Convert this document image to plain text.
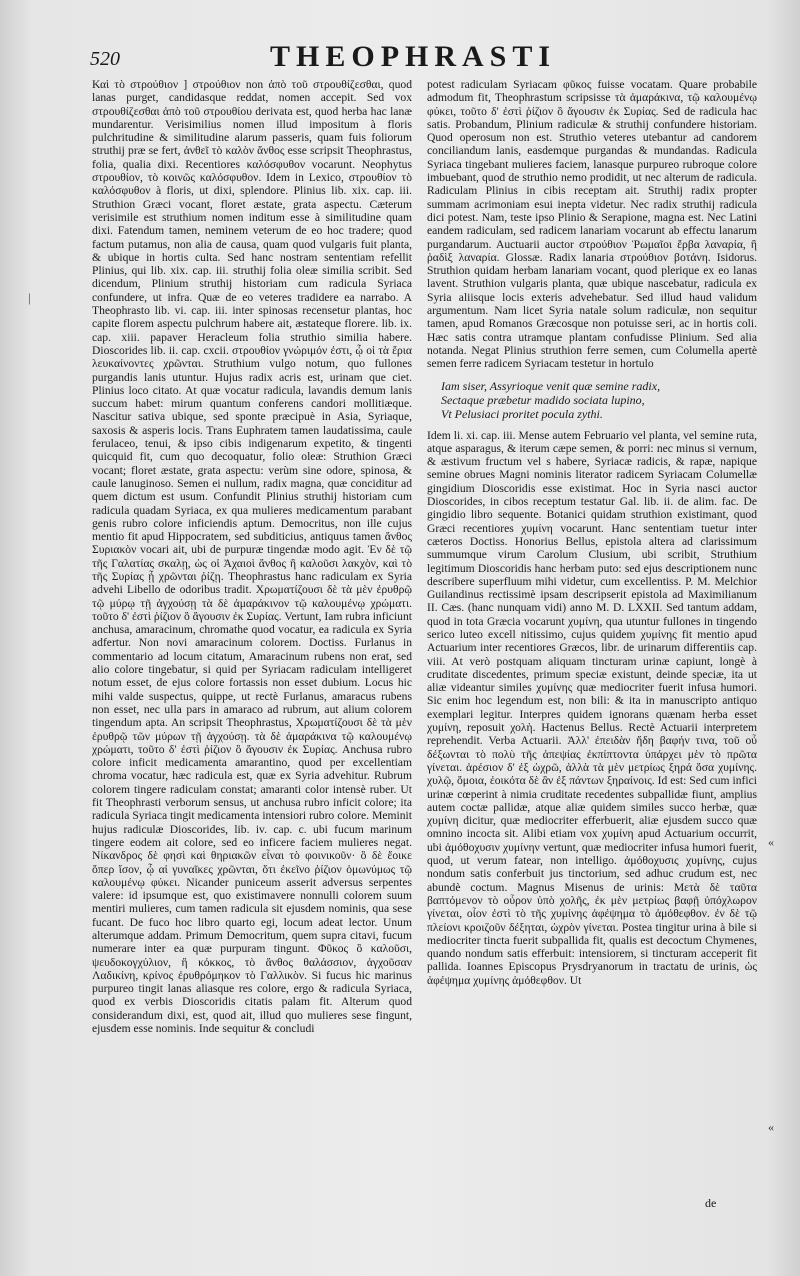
520	THEOPHRASTI
|

Καὶ τὸ στρούθιον ] στρούθιον non ἀπὸ τοῦ στρουθίζεσθαι, quod lanas purget, candidasque reddat, nomen accepit. Sed vox στρουθίζεσθαι ἀπὸ τοῦ στρουθίου derivata est, quod herba hac lanæ mundarentur. Verisimilius nomen illud impositum à floris pulchritudine & similitudine alarum passeris, quam fuis foliorum struthij præ se fert, ἀνθεῖ τὸ καλὸν ἄνθος esse scripsit Theophrastus, folia, qualia dixi. Recentiores καλόσφυθον vocarunt. Neophytus στρουθίον, τὸ κοινῶς καλόσφυθον. Idem in Lexico, στρουθίον τὸ καλόσφυθον à floris, ut dixi, splendore. Plinius lib. xix. cap. iii. Struthion Græci vocant, floret æstate, grata aspectu. Cæterum verisimile est struthium nomen inditum esse à similitudine quam dixi. Fatendum tamen, neminem veterum de eo hoc tradere; quod factum putamus, non alia de causa, quam quod vulgaris fuit planta, & ubique in hortis culta. Sed hanc nostram sententiam refellit Plinius, qui lib. xix. cap. iii. struthij folia oleæ similia scribit. Sed dicendum, Plinium struthij historiam cum radicula Syriaca confundere, ut infra. Quæ de eo veteres tradidere ea narrabo. A Theophrasto lib. vi. cap. iii. inter spinosas recensetur plantas, hoc capite florem aspectu pulchrum habere ait, æstateque florere. lib. ix. cap. xiii. papaver Heracleum folia struthio similia habere. Dioscorides lib. ii. cap. cxcii. στρουθίον γνώριμόν ἐστι, ᾧ οἱ τὰ ἔρια λευκαίνοντες χρῶνται. Struthium vulgo notum, quo fullones purgandis lanis utuntur. Hujus radix acris est, urinam que ciet. Plinius loco citato. At quæ vocatur radicula, lavandis demum lanis succum habet: mirum quantum conferens candori mollitiæque. Nascitur sativa ubique, sed sponte præcipuè in Asia, Syriaque, saxosis & asperis locis. Trans Euphratem tamen laudatissima, caule ferulaceo, tenui, & ipso cibis indigenarum expetito, & tingenti quicquid fit, cum quo decoquatur, folio oleæ: Struthion Græci vocant; floret æstate, grata aspectu: verùm sine odore, spinosa, & caule lanuginoso. Semen ei nullum, radix magna, quæ conciditur ad quem dictum est usum. Confundit Plinius struthij historiam cum radicula quadam Syriaca, ex qua mulieres medicamentum parabant genis rubro colore inficiendis aptum. Democritus, non ille cujus mentio fit apud Hippocratem, sed subditicius, antiquus tamen ἄνθος Συριακὸν vocari ait, ubi de purpuræ tingendæ modo agit. Ἐν δὲ τῷ τῆς Γαλατίας σκαλῃ, ὡς οἱ Ἀχαιοὶ ἄνθος ἢ καλοῦσι λακχὸν, καὶ τὸ τῆς Συρίας ᾗ χρῶνται ῥίζῃ. Theophrastus hanc radiculam ex Syria advehi Libello de odoribus tradit. Χρωματίζουσι δὲ τὰ μὲν ἐρυθρῷ τῷ μύρῳ τῇ ἀγχούσῃ τὰ δὲ ἀμαράκινον τῷ καλουμένῳ χρώματι. τοῦτο δ' ἐστὶ ῥίζιον ὃ ἄγουσιν ἐκ Συρίας. Vertunt, Iam rubra inficiunt anchusa, amaracinum, chromathe quod vocatur, ea radicula ex Syria adfertur. Non novi amaracinum colorem. Doctiss. Furlanus in commentario ad locum citatum, Amaracinum rubens non erat, sed alio colore tingebatur, si quid per Syriacam radiculam intelligeret notum esset, de ejus colore fortassis non esset dubium. Locus hic mihi valde suspectus, quippe, ut rectè Furlanus, amaracus rubens non esset, nec ulla pars in amaraco ad rubrum, aut alium colorem tingendum apta. An scripsit Theophrastus, Χρωματίζουσι δὲ τὰ μὲν ἐρυθρῷ τῶν μύρων τῇ ἀγχούσῃ. τὰ δὲ ἀμαράκινα τῷ καλουμένῳ χρώματι, τοῦτο δ' ἐστὶ ῥίζιον ὃ ἄγουσιν ἐκ Συρίας. Anchusa rubro colore inficit medicamenta amarantino, quod per excellentiam chroma vocatur, hæc radicula est, quæ ex Syria advehitur. Rubrum colorem tingere radiculam constat; amaranti color intensè ruber. Ut fit Theophrasti verborum sensus, ut anchusa rubro inficit colore; ita radicula Syriaca tingit medicamenta intensiori rubro colore. Meminit hujus radiculæ Dioscorides, lib. iv. cap. c. ubi fucum marinum tingere eodem ait colore, sed eo inficere faciem mulieres negat. Νίκανδρος δὲ φησὶ καὶ θηριακῶν εἶναι τὸ φοινικοῦν· ὃ δὲ ἔοικε ὅπερ ἴσον, ᾧ αἱ γυναῖκες χρῶνται, ὅτι ἐκεῖνο ῥίζιον ὁμωνύμως τῷ καλουμένῳ φύκει. Nicander puniceum asserit adversus serpentes valere: id ipsumque est, quo existimavere nonnulli colorem suum mentiri mulieres, cum tamen radicula sit ejusdem nominis, qua sese fucant. De fuco hoc libro quarto egi, locum adeat lector. Unum alterumque addam. Primum Democritum, quem supra citavi, fucum numerare inter ea quæ purpuram tingunt. Φῦκος ὃ καλοῦσι, ψευδοκογχύλιον, ἢ κόκκος, τὸ ἄνθος θαλάσσιον, ἀγχοῦσαν Λαδικίνη, κρίνος ἐρυθρόμηκον τὸ Γαλλικὸν. Si fucus hic marinus purpureo tingit lanas aliasque res colore, ergo & radicula Syriaca, quod ex verbis Dioscoridis citatis palam fit. Alterum quod considerandum dixi, est, quod ait, illud quo mulieres sese fingunt, ejusdem esse nominis. Inde sequitur & concludi

potest radiculam Syriacam φῦκος fuisse vocatam. Quare probabile admodum fit, Theophrastum scripsisse τὰ ἀμαράκινα, τῷ καλουμένῳ φύκει, τοῦτο δ' ἐστὶ ῥίζιον ὃ ἄγουσιν ἐκ Συρίας. Sed de radicula hac satis. Probandum, Plinium radiculæ & struthij confundere historiam. Quod operosum non est. Struthio veteres utebantur ad candorem conciliandum lanis, easdemque purgandas & mundandas. Radicula Syriaca tingebant mulieres faciem, lanasque purpureo rubroque colore imbuebant, quod de struthio nemo prodidit, ut nec alterum de radicula. Radiculam Plinius in cibis receptam ait. Struthij radix propter summam acrimoniam esui inepta videtur. Nec radix struthij radicula dici potest. Nam, teste ipso Plinio & Serapione, magna est. Nec Latini eandem radiculam, sed radicem lanariam vocarunt ab effectu lanarum purgandarum. Auctuarii auctor στρούθιον Ῥωμαῖοι ἔρβα λαναρία, ἢ ῥαδὶξ λαναρία. Glossæ. Radix lanaria στρούθιον βοτάνη. Isidorus. Struthion quidam herbam lanariam vocant, quod plerique ex eo lanas lavent. Struthion vulgaris planta, quæ ubique nascebatur, radicula ex Syria aliisque locis exteris advehebatur. Sed illud haud validum argumentum. Nam licet Syria natale solum radiculæ, non sequitur tamen, apud Romanos Græcosque non potuisse seri, ac in hortis coli. Hæc satis contra utramque plantam confudisse Plinium. Sed alia notanda. Negat Plinius struthion ferre semen, cum Columella apertè semen ferre radicem Syriacam testetur in hortulo

Iam siser, Assyrioque venit quæ semine radix,
Sectaque præbetur madido sociata lupino,
Vt Pelusiaci proritet pocula zythi.

Idem li. xi. cap. iii. Mense autem Februario vel planta, vel semine ruta, atque asparagus, & iterum cæpe semen, & porri: nec minus si vernum, & æstivum fructum vel s habere, Syriacæ radicis, & rapæ, napique semine obrues Magni nominis literator radicem Syriacam Columellæ gingidium Dioscoridis esse existimat. Hoc in Syria nasci auctor Dioscorides, in cibos receptum testatur Gal. lib. ii. de alim. fac. De gingidio libro sequente. Botanici quidam struthion existimant, quod Græci recentiores χυμίνη vocarunt. Hanc sententiam tuetur inter cæteros Doctiss. Honorius Bellus, epistola altera ad clarissimum summumque virum Carolum Clusium, ubi scribit, Struthium legitimum Dioscoridis hanc herbam puto: sed ejus descriptionem nunc describere superfluum mihi videtur, cum excellentiss. P. M. Melchior Guilandinus rectissimè ipsam descripserit epistola ad Maximilianum II. Cæs. (hanc nunquam vidi) anno M. D. LXXII. Sed tantum addam, quod in tota Græcia vocarunt χυμίνη, qua utuntur fullones in tingendo serico luteo excell nitissimo, cujus quidem χυμίνης fit mentio apud Actuarium inter recentiores Græcos, libr. de urinarum differentiis cap. viii. At verò postquam aliquam tincturam urinæ capiunt, longè à cruditate discedentes, primum speciæ existunt, deinde speciæ, ita ut aliæ videantur similes χυμίνης quæ mediocriter fuerit infusa humori. Sic enim hoc legendum est, non bili: & ita in manuscripto antiquo exemplari legitur. Interpres quidem ignorans quænam herba esset χυμίνη, reposuit χολὴ. Hactenus Bellus. Rectè Actuarii interpretem reprehendit. Verba Actuarii. Ἀλλ' ἐπειδὰν ἤδη βαφήν τινα, τοῦ οὖ δέξωνται τὸ πολὺ τῆς ἀπεψίας ἐκπίπτοντα ὑπάρχει μὲν τὸ πρῶτα γίνεται. ἀρέσιον δ' ἐξ ὠχρῶ, ἀλλὰ τὰ μὲν μετρίως ξηρά ὅσα χυμίνης. χυλῷ, ὅμοια, ἐοικότα δὲ ἂν ἐξ πάντων ξηραίνοις. Id est: Sed cum infici urinæ cœperint à nimia cruditate recedentes subpallidæ fiunt, amplius autem coctæ pallidæ, atque aliæ quidem similes succo herbæ, quæ χυμίνη dicitur, quæ mediocriter efferbuerit, aliæ ejusdem succo quæ omnino incocta sit. Alibi etiam vox χυμίνη apud Actuarium occurrit, ubi ἀμόθοχυσιν χυμίνην vertunt, quæ mediocriter infusa humori fuerit, quod, ut verum fatear, non intelligo. ἀμόθοχυσις χυμίνης, cujus nondum satis conferbuit jus tinctorium, sed adhuc crudum est, nec abundè coctum. Magnus Misenus de urinis: Μετὰ δὲ ταῦτα βαπτόμενον τὸ οὖρον ὑπὸ χολῆς, ἐκ μὲν μετρίως βαφῇ ὑπόχλωρον γίνεται, οἷον ἐστὶ τὸ τῆς χυμίνης ἀφέψημα τὸ ἀμόθεφθον. ἐν δὲ τῷ πλείονι κροιζοῦν δέξηται, ὠχρὸν γίνεται. Postea tingitur urina à bile si mediocriter tincta fuerit subpallida fit, qualis est decoctum Chymenes, quando nondum satis efferbuit: intensiorem, si tincturam acceperit fit pallida. Ioannes Episcopus Prysdryanorum in tractatu de urinis, ὡς ἀφέψημα χυμίνης ἀμόθεφθον. Ut

«
«
de
